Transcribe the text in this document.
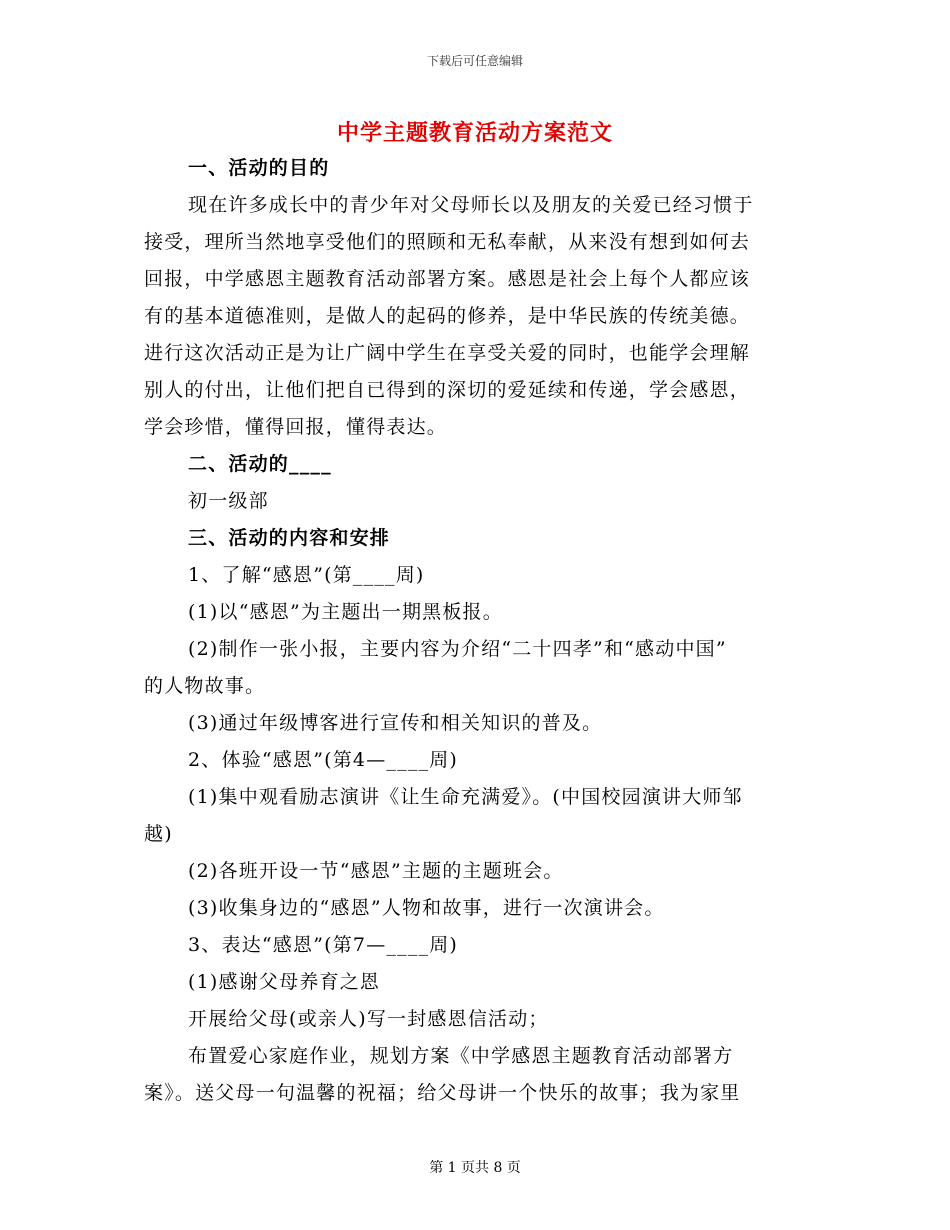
下载后可任意编辑
中学主题教育活动方案范文
一、活动的目的
现在许多成长中的青少年对父母师长以及朋友的关爱已经习惯于
接受，理所当然地享受他们的照顾和无私奉献，从来没有想到如何去
回报，中学感恩主题教育活动部署方案。感恩是社会上每个人都应该
有的基本道德准则，是做人的起码的修养，是中华民族的传统美德。
进行这次活动正是为让广阔中学生在享受关爱的同时，也能学会理解
别人的付出，让他们把自已得到的深切的爱延续和传递，学会感恩，
学会珍惜，懂得回报，懂得表达。
二、活动的____
初一级部
三、活动的内容和安排
1、了解“感恩”(第____周)
(1)以“感恩”为主题出一期黑板报。
(2)制作一张小报，主要内容为介绍“二十四孝”和“感动中国”
的人物故事。
(3)通过年级博客进行宣传和相关知识的普及。
2、体验“感恩”(第4—____周)
(1)集中观看励志演讲《让生命充满爱》。(中国校园演讲大师邹
越)
(2)各班开设一节“感恩”主题的主题班会。
(3)收集身边的“感恩”人物和故事，进行一次演讲会。
3、表达“感恩”(第7—____周)
(1)感谢父母养育之恩
开展给父母(或亲人)写一封感恩信活动；
布置爱心家庭作业，规划方案《中学感恩主题教育活动部署方
案》。送父母一句温馨的祝福；给父母讲一个快乐的故事；我为家里
第 1 页共 8 页
